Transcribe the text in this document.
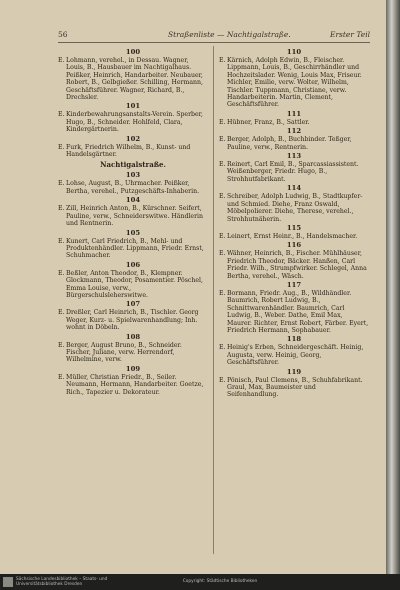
56	Straßenliste — Nachtigalstraße.	Erster Teil
100
E. Lohmann, verehel., in Dessau. Wagner, Louis, B., Hausbauer im Nachtigalhaus. Peißker, Heinrich, Handarbeiter. Neubauer, Robert, B., Gelbgießer. Schilling, Hermann, Geschäftsführer. Wagner, Richard, B., Drechsler.
101
E. Kinderbewahrungsanstalts-Verein. Sperber, Hugo, B., Schneider. Hohlfeld, Clara, Kindergärtnerin.
102
E. Furk, Friedrich Wilhelm, B., Kunst- und Handelsgärtner.
Nachtigalstraße.
103
E. Lohse, August, B., Uhrmacher. Peißker, Bertha, verehel., Putzgeschäfts-Inhaberin.
104
E. Zill, Heinrich Anton, B., Kürschner. Seifert, Pauline, verw., Schneiderswitwe. Händlerin und Rentnerin.
105
E. Kunert, Carl Friedrich, B., Mehl- und Produktenhändler. Lippmann, Friedr. Ernst, Schuhmacher.
106
E. Beßler, Anton Theodor, B., Klempner. Glockmann, Theodor, Posamentier. Pöschel, Emma Louise, verw., Bürgerschulsleherswitwe.
107
E. Dreßler, Carl Heinrich, B., Tischler. Georg Weger, Kurz- u. Spielwarenhandlung; Inh. wohnt in Döbeln.
108
E. Berger, August Bruno, B., Schneider. Fischer, Juliane, verw. Herrendorf, Wilhelmine, verw.
109
E. Müller, Christian Friedr., B., Seiler. Neumann, Hermann, Handarbeiter. Goetze, Rich., Tapezier u. Dekorateur.
110
E. Kärnich, Adolph Edwin, B., Fleischer. Lippmann, Louis, B., Geschirrhändler und Hochzeitslader. Wenig, Louis Max, Friseur. Michler, Emilie, verw. Wolter, Wilhelm, Tischler. Tuppmann, Christiane, verw. Handarbeiterin. Martin, Clement, Geschäftsführer.
111
E. Hübner, Franz, B., Sattler.
112
E. Berger, Adolph, B., Buchbinder. Teßger, Pauline, verw., Rentnerin.
113
E. Reinert, Carl Emil, B., Sparcassiassistent. Weißenberger, Friedr. Hugo, B., Strohhutfabrikant.
114
E. Schreiber, Adolph Ludwig, B., Stadtkupfer- und Schmied. Diehe, Franz Oswald, Möbelpolierer. Diehe, Therese, verehel., Strohhutnäherin.
115
E. Leinert, Ernst Heinr., B., Handelsmacher.
116
E. Wähner, Heinrich, B., Fischer. Mühlhäuser, Friedrich Theodor, Bäcker. Hanßen, Carl Friedr. Wilh., Strumpfwirker. Schlegel, Anna Bertha, verehel., Wäsch.
117
E. Bormann, Friedr. Aug., B., Wildhändler. Baumrich, Robert Ludwig, B., Schnittwarenhändler. Baumrich, Carl Ludwig, B., Weber. Dathe, Emil Max, Maurer. Richter, Ernst Robert, Färber. Eyert, Friedrich Hermann, Sophabauer.
118
E. Heinig's Erben, Schneidergeschäft. Heinig, Augusta, verw. Heinig, Georg, Geschäftsführer.
119
E. Pönisch, Paul Clemens, B., Schuhfabrikant. Graul, Max, Baumeister und Seifenhandlung.
Sächsische Landesbibliothek – Staats- und Universitätsbibliothek Dresden
Copyright: Städtische Bibliotheken
